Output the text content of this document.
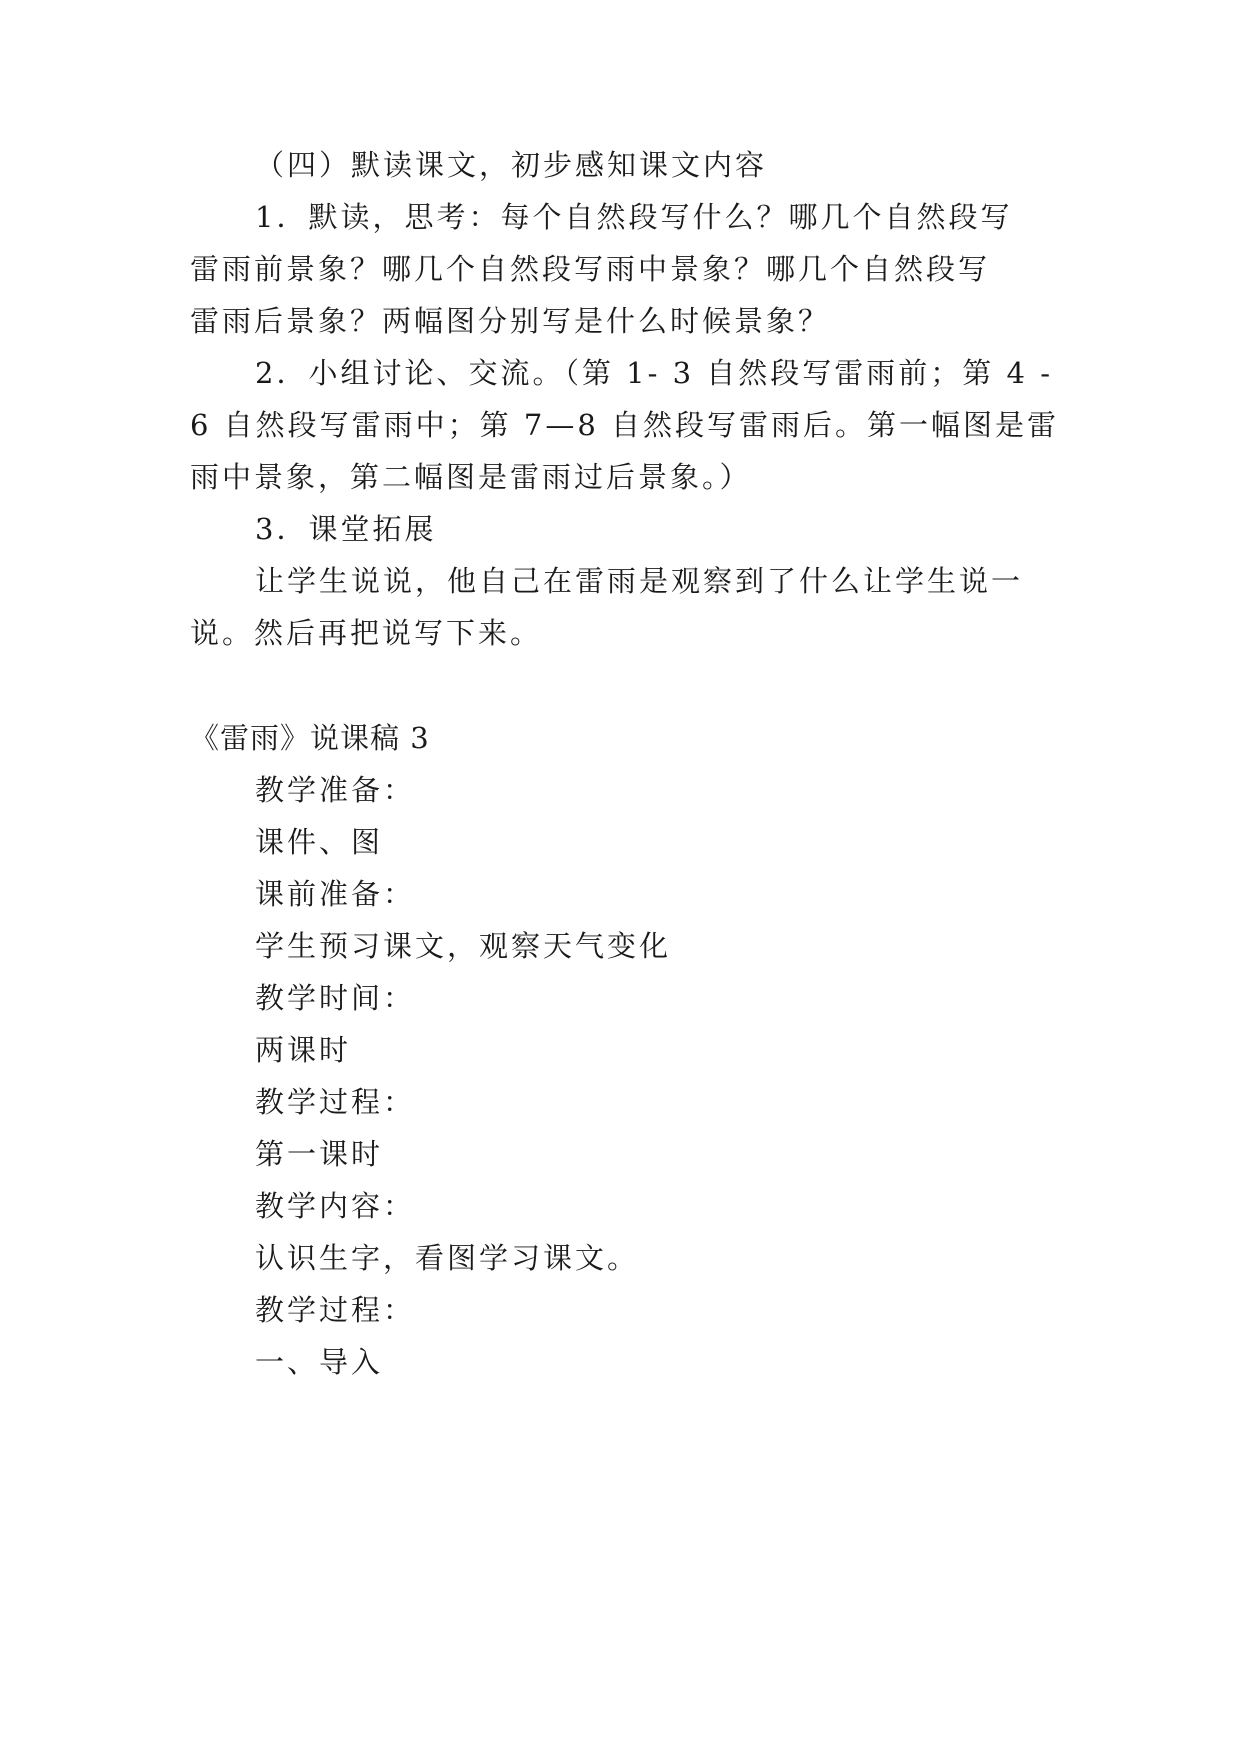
（四）默读课文，初步感知课文内容
1．默读，思考：每个自然段写什么？哪几个自然段写
雷雨前景象？哪几个自然段写雨中景象？哪几个自然段写
雷雨后景象？两幅图分别写是什么时候景象？
2．小组讨论、交流。（第 1- 3 自然段写雷雨前；第 4 -
6 自然段写雷雨中；第 7—8 自然段写雷雨后。第一幅图是雷
雨中景象，第二幅图是雷雨过后景象。）
3．课堂拓展
让学生说说，他自己在雷雨是观察到了什么让学生说一
说。然后再把说写下来。
《雷雨》说课稿 3
教学准备：
课件、图
课前准备：
学生预习课文，观察天气变化
教学时间：
两课时
教学过程：
第一课时
教学内容：
认识生字，看图学习课文。
教学过程：
一、导入
